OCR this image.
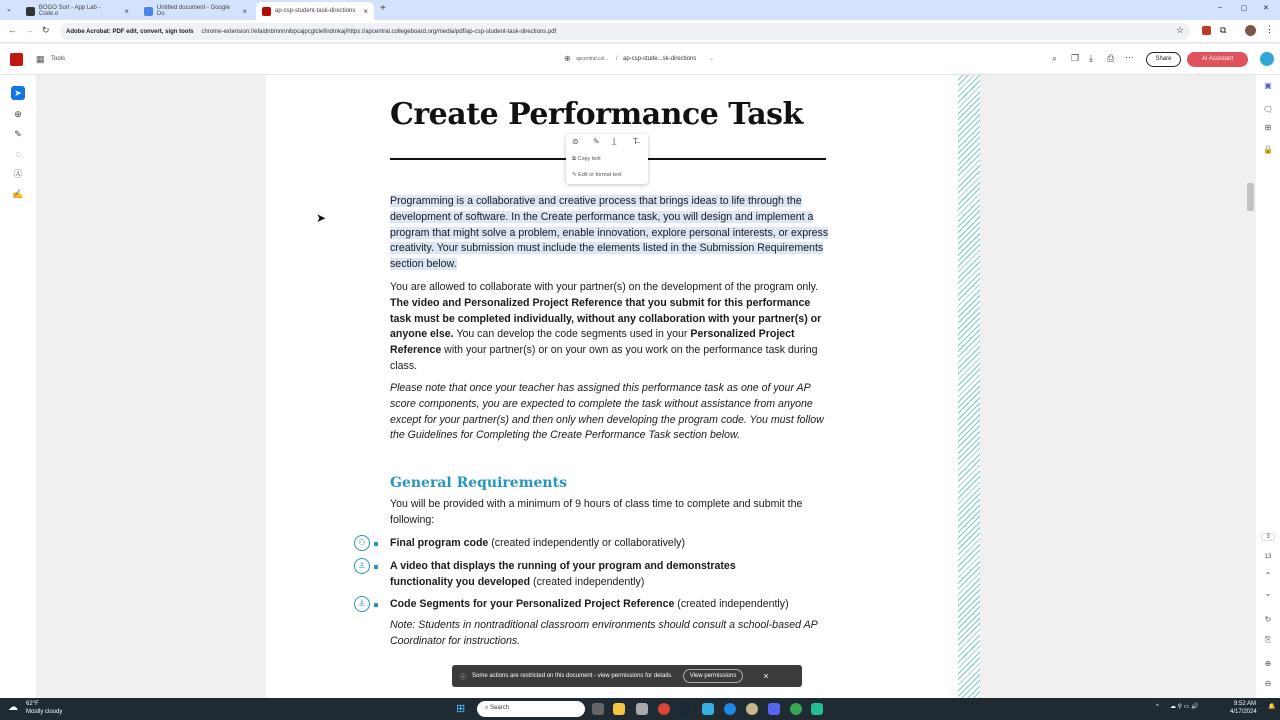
⌄	BOGO Sort - App Lab - Code.o	×	Untitled document - Google Do	×	ap-csp-student-task-directions × +	–	▢ ✕
← → ↻	Adobe Acrobat: PDF edit, convert, sign tools chrome-extension://efaidnbmnnnibpcajpcglclefindmkaj/https://apcentral.collegeboard.org/media/pdf/ap-csp-student-task-directions.pdf	☆	⧉	⋮
▦ Tools	⊕ apcentral.col... / ap-csp-stude...sk-directions ⌄	⌕ ❐ ⤓ ⎙ ···	Share	AI Assistant
➤
⊕
✎
◌
Ⓐ
✍
Create Performance Task
Programming is a collaborative and creative process that brings ideas to life through the development of software. In the Create performance task, you will design and implement a program that might solve a problem, enable innovation, explore personal interests, or express creativity. Your submission must include the elements listed in the Submission Requirements section below.
You are allowed to collaborate with your partner(s) on the development of the program only. The video and Personalized Project Reference that you submit for this performance task must be completed individually, without any collaboration with your partner(s) or anyone else. You can develop the code segments used in your Personalized Project Reference with your partner(s) or on your own as you work on the performance task during class.
Please note that once your teacher has assigned this performance task as one of your AP score components, you are expected to complete the task without assistance from anyone except for your partner(s) and then only when developing the program code. You must follow the Guidelines for Completing the Create Performance Task section below.
General Requirements
You will be provided with a minimum of 9 hours of class time to complete and submit the following:
⚇	Final program code (created independently or collaboratively)
♙	A video that displays the running of your program and demonstrates functionality you developed (created independently)
♙	Code Segments for your Personalized Project Reference (created independently)
Note: Students in nontraditional classroom environments should consult a school-based AP Coordinator for instructions.
➤
⊜ ✎ I̲ T̶
⧉ Copy text
✎ Edit or format text
ⓘ Some actions are restricted on this document - view permissions for details.	View permissions	×
▣
🗨
⊞
🔒
3
13
⌃
⌄
↻
⎘
⊕
⊖
☁ 62°F
Mostly cloudy	⊞	⌕ Search	^ ☁ ⚲ ▭ 🔊	9:52 AM
4/17/2024
🔔
